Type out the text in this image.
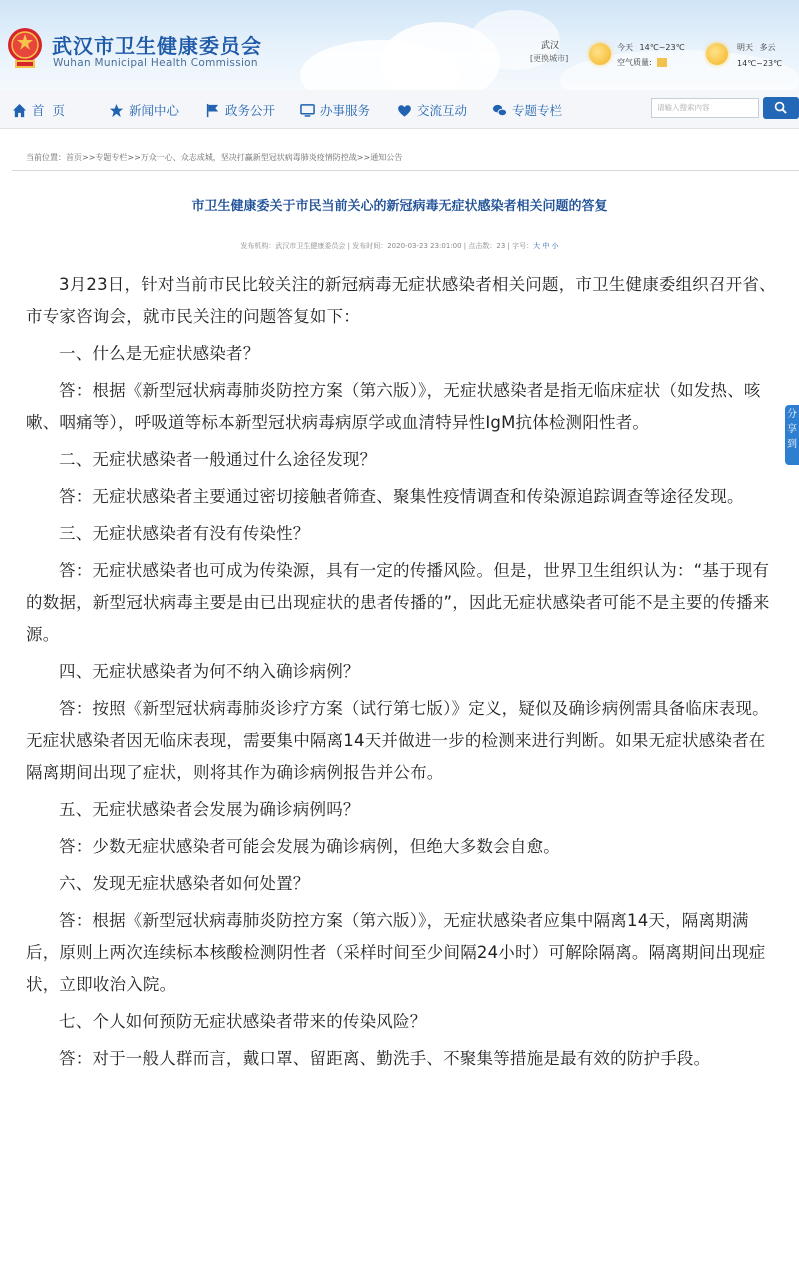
武汉市卫生健康委员会
Wuhan Municipal Health Commission
武汉
[更换城市]
今天 14℃~23℃
空气质量:
明天 多云
14℃~23℃
首  页	新闻中心	政务公开	办事服务	交流互动	专题专栏	请输入搜索内容
当前位置：首页>>专题专栏>>万众一心、众志成城，坚决打赢新型冠状病毒肺炎疫情防控战>>通知公告
市卫生健康委关于市民当前关心的新冠病毒无症状感染者相关问题的答复
发布机构：武汉市卫生健康委员会 | 发布时间：2020-03-23 23:01:00 | 点击数：23 | 字号：大 中 小

3月23日，针对当前市民比较关注的新冠病毒无症状感染者相关问题，市卫生健康委组织召开省、市专家咨询会，就市民关注的问题答复如下：

一、什么是无症状感染者？

答：根据《新型冠状病毒肺炎防控方案（第六版）》，无症状感染者是指无临床症状（如发热、咳嗽、咽痛等），呼吸道等标本新型冠状病毒病原学或血清特异性IgM抗体检测阳性者。

二、无症状感染者一般通过什么途径发现？

答：无症状感染者主要通过密切接触者筛查、聚集性疫情调查和传染源追踪调查等途径发现。

三、无症状感染者有没有传染性？

答：无症状感染者也可成为传染源，具有一定的传播风险。但是，世界卫生组织认为：“基于现有的数据，新型冠状病毒主要是由已出现症状的患者传播的”，因此无症状感染者可能不是主要的传播来源。

四、无症状感染者为何不纳入确诊病例？

答：按照《新型冠状病毒肺炎诊疗方案（试行第七版）》定义，疑似及确诊病例需具备临床表现。无症状感染者因无临床表现，需要集中隔离14天并做进一步的检测来进行判断。如果无症状感染者在隔离期间出现了症状，则将其作为确诊病例报告并公布。

五、无症状感染者会发展为确诊病例吗？

答：少数无症状感染者可能会发展为确诊病例，但绝大多数会自愈。

六、发现无症状感染者如何处置？

答：根据《新型冠状病毒肺炎防控方案（第六版）》，无症状感染者应集中隔离14天，隔离期满后，原则上两次连续标本核酸检测阴性者（采样时间至少间隔24小时）可解除隔离。隔离期间出现症状，立即收治入院。

七、个人如何预防无症状感染者带来的传染风险？

答：对于一般人群而言，戴口罩、留距离、勤洗手、不聚集等措施是最有效的防护手段。

分享到
